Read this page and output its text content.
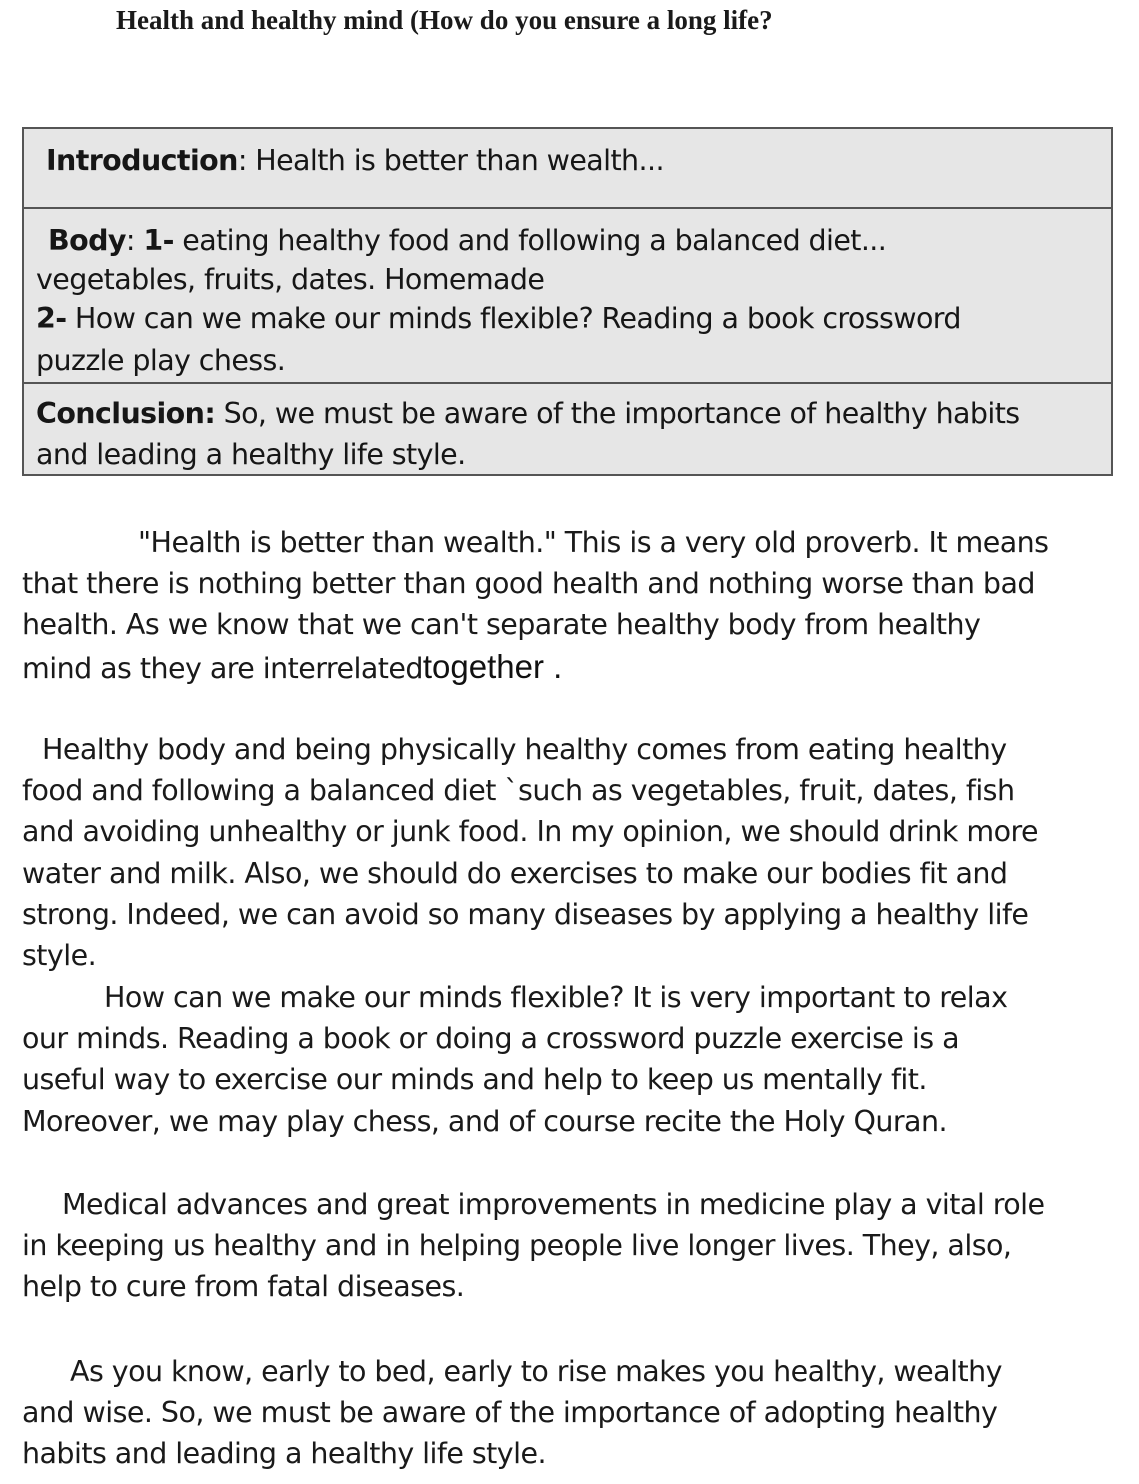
Health and healthy mind (How do you ensure a long life?
Introduction: Health is better than wealth...
Body: 1- eating healthy food and following a balanced diet...
vegetables, fruits, dates. Homemade
2- How can we make our minds flexible? Reading a book crossword
puzzle play chess.
Conclusion: So, we must be aware of the importance of healthy habits
and leading a healthy life style.

"Health is better than wealth." This is a very old proverb. It means
that there is nothing better than good health and nothing worse than bad
health. As we know that we can't separate healthy body from healthy
mind as they are interrelatedtogether .

Healthy body and being physically healthy comes from eating healthy
food and following a balanced diet `such as vegetables, fruit, dates, fish
and avoiding unhealthy or junk food. In my opinion, we should drink more
water and milk. Also, we should do exercises to make our bodies fit and
strong. Indeed, we can avoid so many diseases by applying a healthy life
style.

How can we make our minds flexible? It is very important to relax
our minds. Reading a book or doing a crossword puzzle exercise is a
useful way to exercise our minds and help to keep us mentally fit.
Moreover, we may play chess, and of course recite the Holy Quran.

Medical advances and great improvements in medicine play a vital role
in keeping us healthy and in helping people live longer lives. They, also,
help to cure from fatal diseases.

As you know, early to bed, early to rise makes you healthy, wealthy
and wise. So, we must be aware of the importance of adopting healthy
habits and leading a healthy life style.
